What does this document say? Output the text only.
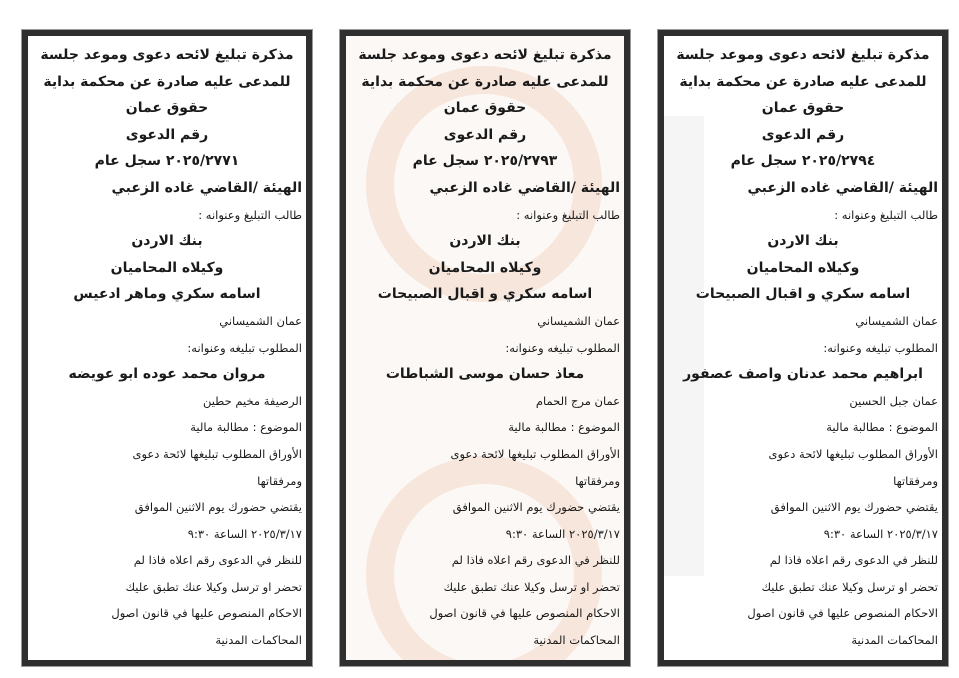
مذكرة تبليغ لائحه دعوى وموعد جلسة
للمدعى عليه صادرة عن محكمة بداية
حقوق عمان
رقم الدعوى
٢٠٢٥/٢٧٧١ سجل عام
الهيئة /القاضي غاده الزعبي
طالب التبليغ وعنوانه :
بنك الاردن
وكيلاه المحاميان
اسامه سكري وماهر ادعيس
عمان الشميساني
المطلوب تبليغه وعنوانه:
مروان محمد عوده ابو عويضه
الرصيفة مخيم حطين
الموضوع : مطالبة مالية
الأوراق المطلوب تبليغها لائحة دعوى
ومرفقاتها
يقتضي حضورك يوم الاثنين الموافق
٢٠٢٥/٣/١٧ الساعة ٩:٣٠
للنظر في الدعوى رقم اعلاه فاذا لم
تحضر او ترسل وكيلا عنك تطبق عليك
الاحكام المنصوص عليها في قانون اصول
المحاكمات المدنية
مذكرة تبليغ لائحه دعوى وموعد جلسة
للمدعى عليه صادرة عن محكمة بداية
حقوق عمان
رقم الدعوى
٢٠٢٥/٢٧٩٣ سجل عام
الهيئة /القاضي غاده الزعبي
طالب التبليغ وعنوانه :
بنك الاردن
وكيلاه المحاميان
اسامه سكري و اقبال الصبيحات
عمان الشميساني
المطلوب تبليغه وعنوانه:
معاذ حسان موسى الشباطات
عمان مرج الحمام
الموضوع : مطالبة مالية
الأوراق المطلوب تبليغها لائحة دعوى
ومرفقاتها
يقتضي حضورك يوم الاثنين الموافق
٢٠٢٥/٣/١٧ الساعة ٩:٣٠
للنظر في الدعوى رقم اعلاه فاذا لم
تحضر او ترسل وكيلا عنك تطبق عليك
الاحكام المنصوص عليها في قانون اصول
المحاكمات المدنية
مذكرة تبليغ لائحه دعوى وموعد جلسة
للمدعى عليه صادرة عن محكمة بداية
حقوق عمان
رقم الدعوى
٢٠٢٥/٢٧٩٤ سجل عام
الهيئة /القاضي غاده الزعبي
طالب التبليغ وعنوانه :
بنك الاردن
وكيلاه المحاميان
اسامه سكري و اقبال الصبيحات
عمان الشميساني
المطلوب تبليغه وعنوانه:
ابراهيم محمد عدنان واصف عصفور
عمان جبل الحسين
الموضوع : مطالبة مالية
الأوراق المطلوب تبليغها لائحة دعوى
ومرفقاتها
يقتضي حضورك يوم الاثنين الموافق
٢٠٢٥/٣/١٧ الساعة ٩:٣٠
للنظر في الدعوى رقم اعلاه فاذا لم
تحضر او ترسل وكيلا عنك تطبق عليك
الاحكام المنصوص عليها في قانون اصول
المحاكمات المدنية
